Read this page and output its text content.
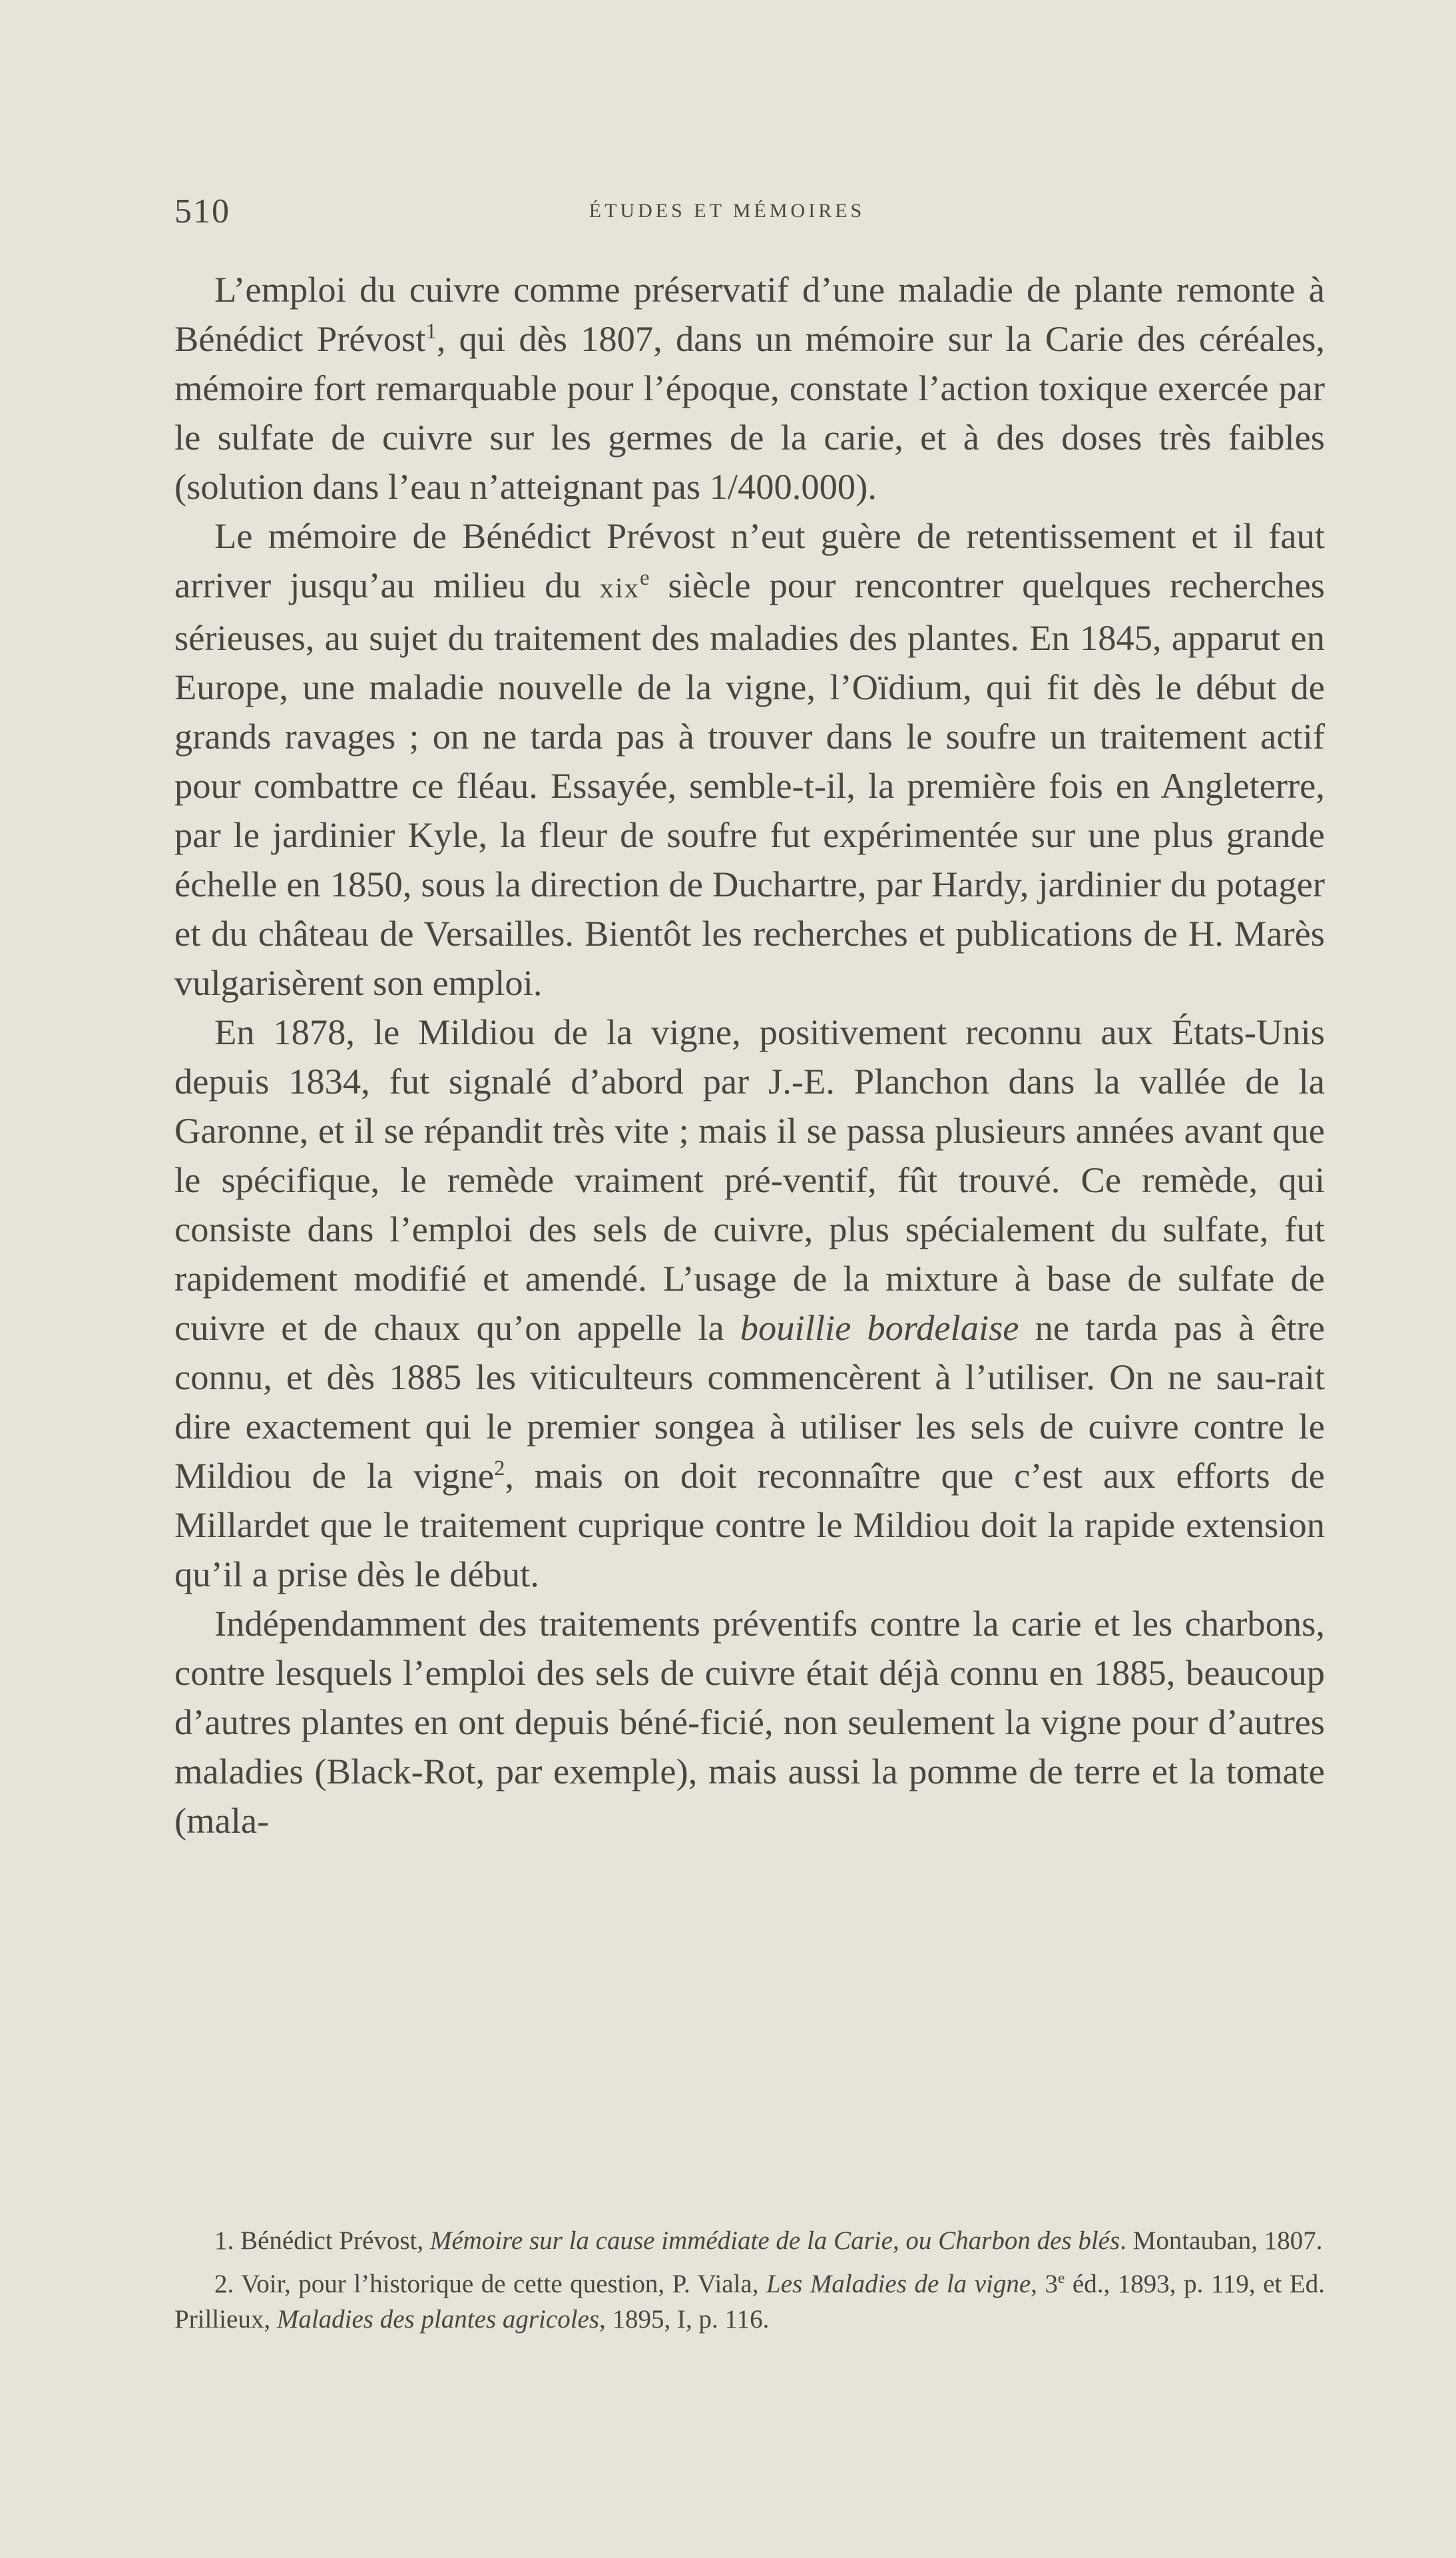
510	ÉTUDES ET MÉMOIRES

L’emploi du cuivre comme préservatif d’une maladie de plante remonte à Bénédict Prévost$^1$, qui dès 1807, dans un mémoire sur la Carie des céréales, mémoire fort remarquable pour l’époque, constate l’action toxique exercée par le sulfate de cuivre sur les germes de la carie, et à des doses très faibles (solution dans l’eau n’atteignant pas 1/400.000).

Le mémoire de Bénédict Prévost n’eut guère de retentissement et il faut arriver jusqu’au milieu du xix$^e$ siècle pour rencontrer quelques recherches sérieuses, au sujet du traitement des maladies des plantes. En 1845, apparut en Europe, une maladie nouvelle de la vigne, l’Oïdium, qui fit dès le début de grands ravages ; on ne tarda pas à trouver dans le soufre un traitement actif pour combattre ce fléau. Essayée, semble-t-il, la première fois en Angleterre, par le jardinier Kyle, la fleur de soufre fut expérimentée sur une plus grande échelle en 1850, sous la direction de Duchartre, par Hardy, jardinier du potager et du château de Versailles. Bientôt les recherches et publications de H. Marès vulgarisèrent son emploi.

En 1878, le Mildiou de la vigne, positivement reconnu aux États-Unis depuis 1834, fut signalé d’abord par J.-E. Planchon dans la vallée de la Garonne, et il se répandit très vite ; mais il se passa plusieurs années avant que le spécifique, le remède vraiment pré-ventif, fût trouvé. Ce remède, qui consiste dans l’emploi des sels de cuivre, plus spécialement du sulfate, fut rapidement modifié et amendé. L’usage de la mixture à base de sulfate de cuivre et de chaux qu’on appelle la bouillie bordelaise ne tarda pas à être connu, et dès 1885 les viticulteurs commencèrent à l’utiliser. On ne sau-rait dire exactement qui le premier songea à utiliser les sels de cuivre contre le Mildiou de la vigne$^2$, mais on doit reconnaître que c’est aux efforts de Millardet que le traitement cuprique contre le Mildiou doit la rapide extension qu’il a prise dès le début.

Indépendamment des traitements préventifs contre la carie et les charbons, contre lesquels l’emploi des sels de cuivre était déjà connu en 1885, beaucoup d’autres plantes en ont depuis béné-ficié, non seulement la vigne pour d’autres maladies (Black-Rot, par exemple), mais aussi la pomme de terre et la tomate (mala-

1. Bénédict Prévost, Mémoire sur la cause immédiate de la Carie, ou Charbon des blés. Montauban, 1807.

2. Voir, pour l’historique de cette question, P. Viala, Les Maladies de la vigne, 3e éd., 1893, p. 119, et Ed. Prillieux, Maladies des plantes agricoles, 1895, I, p. 116.
